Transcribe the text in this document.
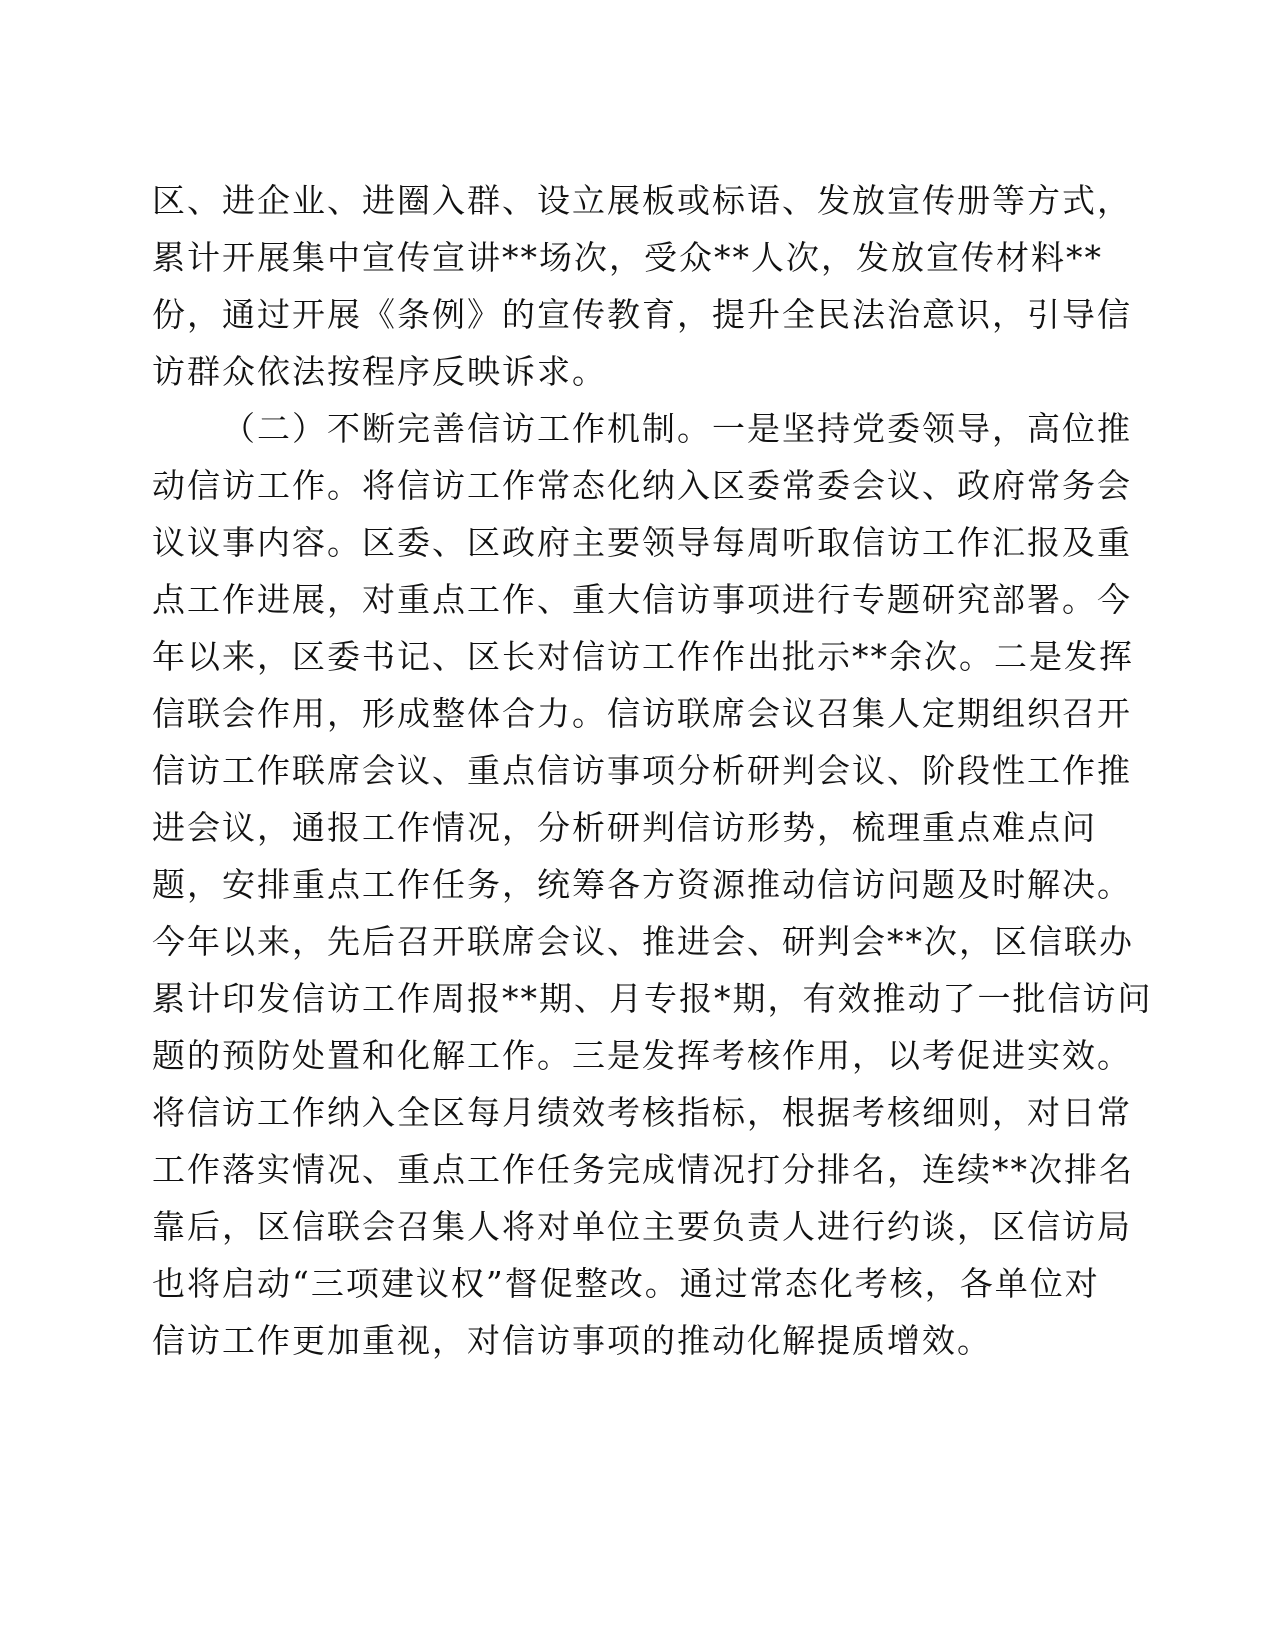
区、进企业、进圈入群、设立展板或标语、发放宣传册等方式，
累计开展集中宣传宣讲**场次，受众**人次，发放宣传材料**
份，通过开展《条例》的宣传教育，提升全民法治意识，引导信
访群众依法按程序反映诉求。
（二）不断完善信访工作机制。一是坚持党委领导，高位推
动信访工作。将信访工作常态化纳入区委常委会议、政府常务会
议议事内容。区委、区政府主要领导每周听取信访工作汇报及重
点工作进展，对重点工作、重大信访事项进行专题研究部署。今
年以来，区委书记、区长对信访工作作出批示**余次。二是发挥
信联会作用，形成整体合力。信访联席会议召集人定期组织召开
信访工作联席会议、重点信访事项分析研判会议、阶段性工作推
进会议，通报工作情况，分析研判信访形势，梳理重点难点问
题，安排重点工作任务，统筹各方资源推动信访问题及时解决。
今年以来，先后召开联席会议、推进会、研判会**次，区信联办
累计印发信访工作周报**期、月专报*期，有效推动了一批信访问
题的预防处置和化解工作。三是发挥考核作用，以考促进实效。
将信访工作纳入全区每月绩效考核指标，根据考核细则，对日常
工作落实情况、重点工作任务完成情况打分排名，连续**次排名
靠后，区信联会召集人将对单位主要负责人进行约谈，区信访局
也将启动“三项建议权”督促整改。通过常态化考核，各单位对
信访工作更加重视，对信访事项的推动化解提质增效。
